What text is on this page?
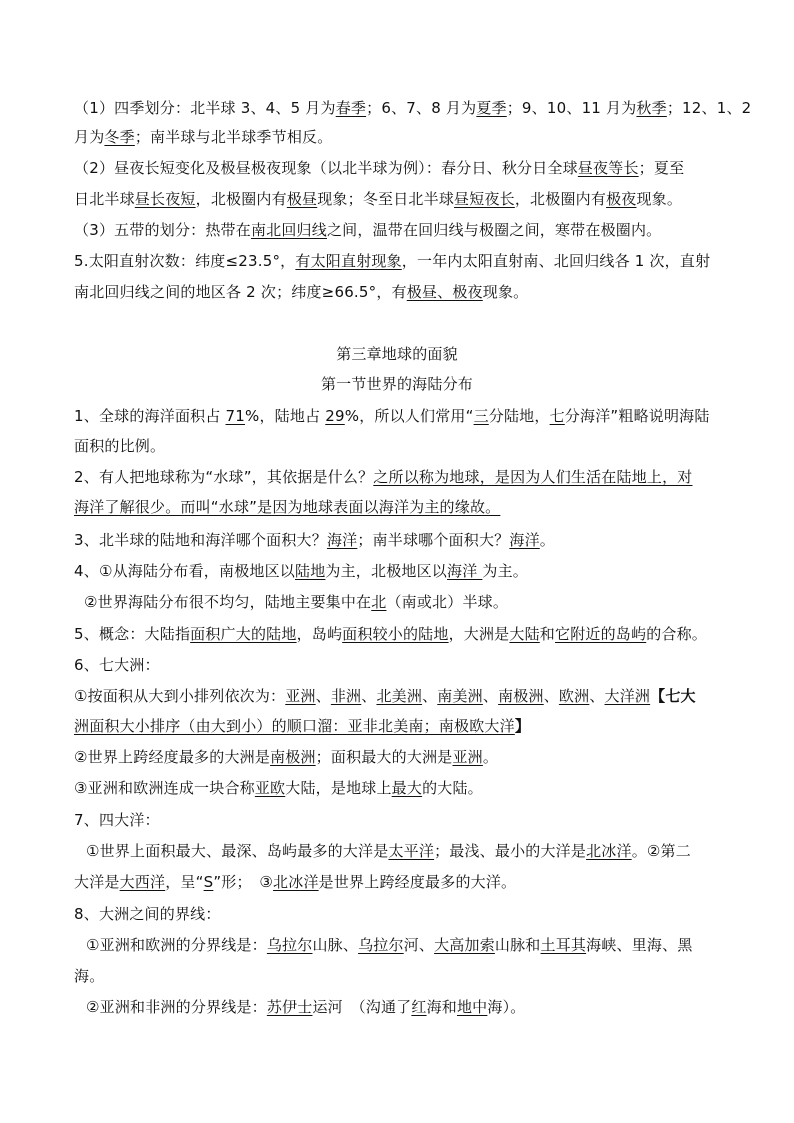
（1）四季划分：北半球 3、4、5 月为春季；6、7、8 月为夏季；9、10、11 月为秋季；12、1、2
月为冬季；南半球与北半球季节相反。
（2）昼夜长短变化及极昼极夜现象（以北半球为例）：春分日、秋分日全球昼夜等长；夏至
日北半球昼长夜短，北极圈内有极昼现象；冬至日北半球昼短夜长，北极圈内有极夜现象。
（3）五带的划分：热带在南北回归线之间，温带在回归线与极圈之间，寒带在极圈内。
5.太阳直射次数：纬度≤23.5°，有太阳直射现象，一年内太阳直射南、北回归线各 1 次，直射
南北回归线之间的地区各 2 次；纬度≥66.5°，有极昼、极夜现象。
第三章地球的面貌
第一节世界的海陆分布
1、全球的海洋面积占 71%，陆地占 29%，所以人们常用“三分陆地，七分海洋”粗略说明海陆
面积的比例。
2、有人把地球称为“水球”，其依据是什么？之所以称为地球，是因为人们生活在陆地上，对
海洋了解很少。而叫“水球”是因为地球表面以海洋为主的缘故。
3、北半球的陆地和海洋哪个面积大？海洋；南半球哪个面积大？海洋。
4、①从海陆分布看，南极地区以陆地为主，北极地区以海洋 为主。
②世界海陆分布很不均匀，陆地主要集中在北（南或北）半球。
5、概念：大陆指面积广大的陆地，岛屿面积较小的陆地，大洲是大陆和它附近的岛屿的合称。
6、七大洲：
①按面积从大到小排列依次为：亚洲、非洲、北美洲、南美洲、南极洲、欧洲、大洋洲【七大
洲面积大小排序（由大到小）的顺口溜：亚非北美南；南极欧大洋】
②世界上跨经度最多的大洲是南极洲；面积最大的大洲是亚洲。
③亚洲和欧洲连成一块合称亚欧大陆，是地球上最大的大陆。
7、四大洋：
①世界上面积最大、最深、岛屿最多的大洋是太平洋；最浅、最小的大洋是北冰洋。②第二
大洋是大西洋，呈“S”形；　③北冰洋是世界上跨经度最多的大洋。
8、大洲之间的界线：
①亚洲和欧洲的分界线是：乌拉尔山脉、乌拉尔河、大高加索山脉和土耳其海峡、里海、黑
海。
②亚洲和非洲的分界线是：苏伊士运河　（沟通了红海和地中海）。
